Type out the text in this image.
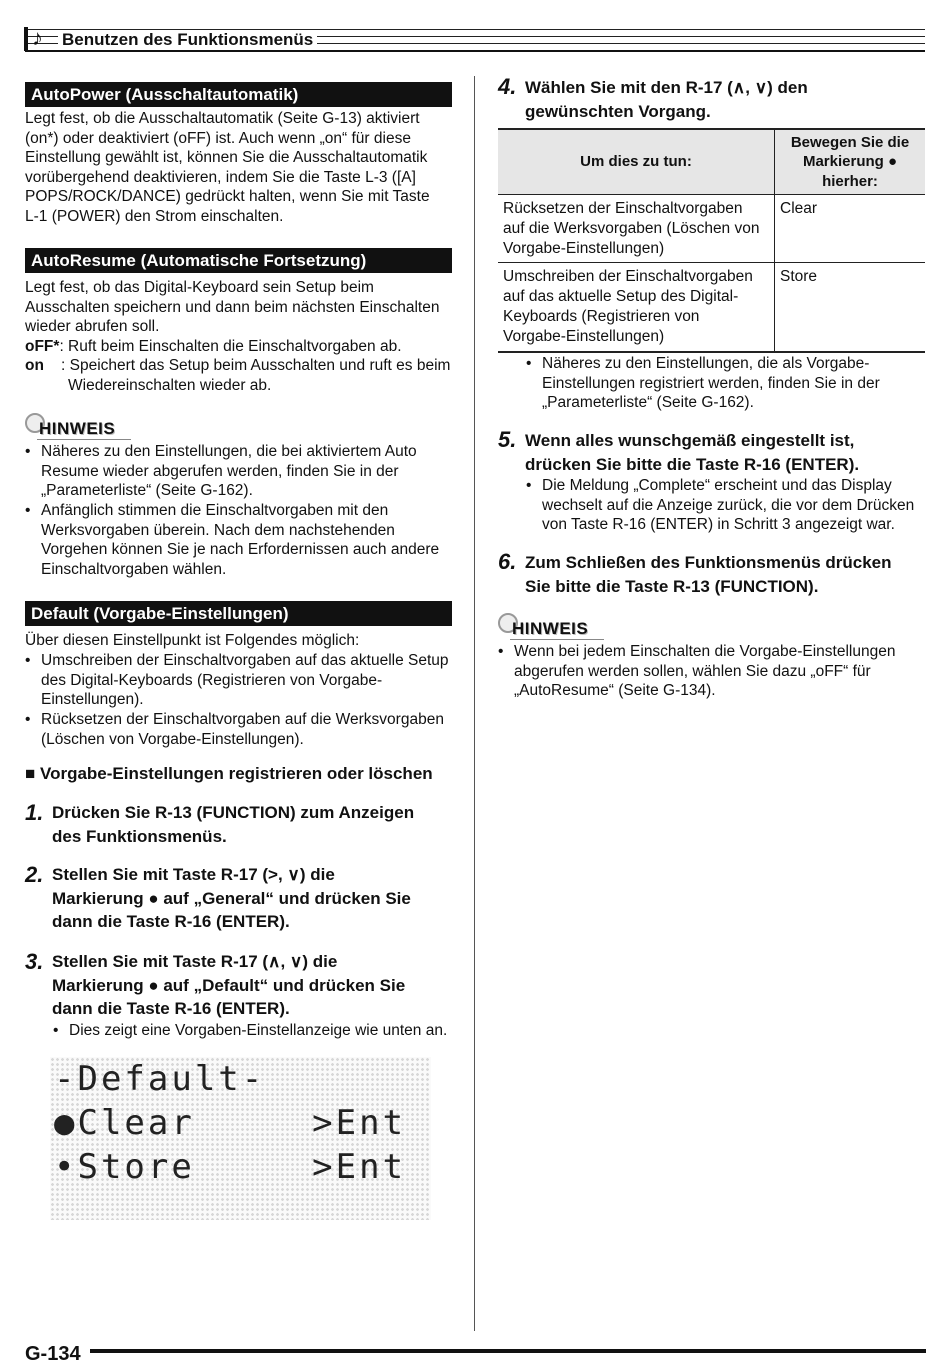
♪ Benutzen des Funktionsmenüs
AutoPower (Ausschaltautomatik)
Legt fest, ob die Ausschaltautomatik (Seite G-13) aktiviert
(on*) oder deaktiviert (oFF) ist. Auch wenn „on“ für diese
Einstellung gewählt ist, können Sie die Ausschaltautomatik
vorübergehend deaktivieren, indem Sie die Taste L-3 ([A]
POPS/ROCK/DANCE) gedrückt halten, wenn Sie mit Taste
L-1 (POWER) den Strom einschalten.
AutoResume (Automatische Fortsetzung)
Legt fest, ob das Digital-Keyboard sein Setup beim
Ausschalten speichern und dann beim nächsten Einschalten
wieder abrufen soll.
oFF*: Ruft beim Einschalten die Einschaltvorgaben ab.
on : Speichert das Setup beim Ausschalten und ruft es beim
Wiedereinschalten wieder ab.
HINWEIS
• Näheres zu den Einstellungen, die bei aktiviertem Auto
Resume wieder abgerufen werden, finden Sie in der
„Parameterliste“ (Seite G-162).
• Anfänglich stimmen die Einschaltvorgaben mit den
Werksvorgaben überein. Nach dem nachstehenden
Vorgehen können Sie je nach Erfordernissen auch andere
Einschaltvorgaben wählen.
Default (Vorgabe-Einstellungen)
Über diesen Einstellpunkt ist Folgendes möglich:
• Umschreiben der Einschaltvorgaben auf das aktuelle Setup
des Digital-Keyboards (Registrieren von Vorgabe-
Einstellungen).
• Rücksetzen der Einschaltvorgaben auf die Werksvorgaben
(Löschen von Vorgabe-Einstellungen).
■ Vorgabe-Einstellungen registrieren oder löschen
1. Drücken Sie R-13 (FUNCTION) zum Anzeigen
des Funktionsmenüs.
2. Stellen Sie mit Taste R-17 (>, ∨) die
Markierung ● auf „General“ und drücken Sie
dann die Taste R-16 (ENTER).
3. Stellen Sie mit Taste R-17 (∧, ∨) die
Markierung ● auf „Default“ und drücken Sie
dann die Taste R-16 (ENTER).
• Dies zeigt eine Vorgaben-Einstellanzeige wie unten an.
-Default-
●Clear     >Ent
•Store     >Ent
4. Wählen Sie mit den R-17 (∧, ∨) den
gewünschten Vorgang.
Um dies zu tun:	Bewegen Sie die
Markierung ●
hierher:

Rücksetzen der Einschaltvorgaben
auf die Werksvorgaben (Löschen von
Vorgabe-Einstellungen)	Clear

Umschreiben der Einschaltvorgaben
auf das aktuelle Setup des Digital-
Keyboards (Registrieren von
Vorgabe-Einstellungen)	Store
• Näheres zu den Einstellungen, die als Vorgabe-
Einstellungen registriert werden, finden Sie in der
„Parameterliste“ (Seite G-162).
5. Wenn alles wunschgemäß eingestellt ist,
drücken Sie bitte die Taste R-16 (ENTER).
• Die Meldung „Complete“ erscheint und das Display
wechselt auf die Anzeige zurück, die vor dem Drücken
von Taste R-16 (ENTER) in Schritt 3 angezeigt war.
6. Zum Schließen des Funktionsmenüs drücken
Sie bitte die Taste R-13 (FUNCTION).
HINWEIS
• Wenn bei jedem Einschalten die Vorgabe-Einstellungen
abgerufen werden sollen, wählen Sie dazu „oFF“ für
„AutoResume“ (Seite G-134).
G-134
